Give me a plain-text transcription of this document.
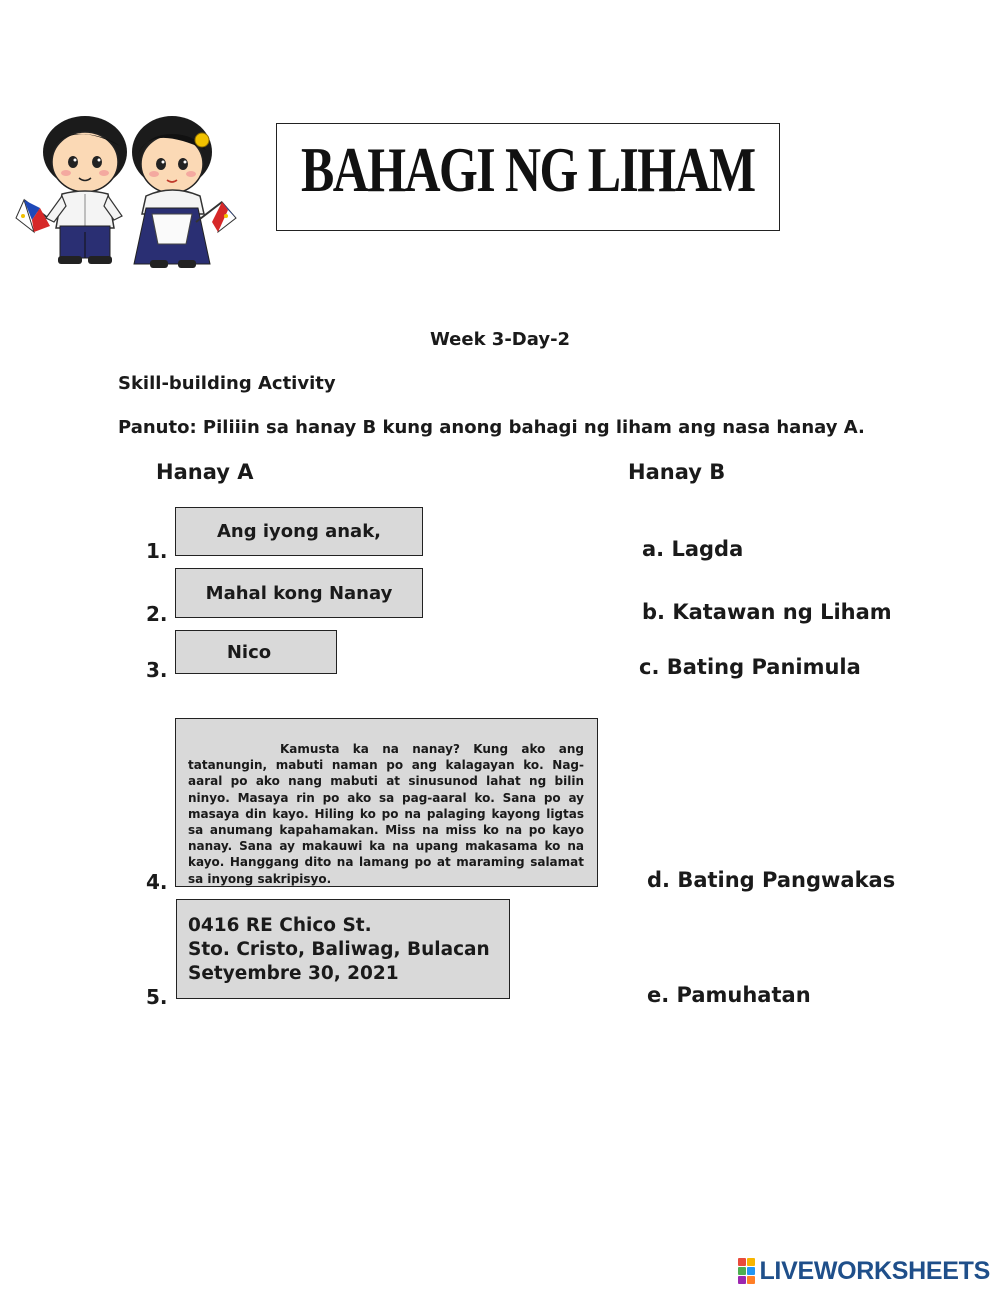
BAHAGI NG LIHAM
Week 3-Day-2
Skill-building Activity
Panuto: Piliiin sa hanay B kung anong bahagi ng liham ang nasa hanay A.
Hanay A	Hanay B
1.
Ang iyong anak,
2.
Mahal kong Nanay
3.
Nico
4.
Kamusta ka na nanay? Kung ako ang tatanungin, mabuti naman po ang kalagayan ko. Nag-aaral po ako nang mabuti at sinusunod lahat ng bilin ninyo. Masaya rin po ako sa pag-aaral ko. Sana po ay masaya din kayo. Hiling ko po na palaging kayong ligtas sa anumang kapahamakan. Miss na miss ko na po kayo nanay. Sana ay makauwi ka na upang makasama ko na kayo. Hanggang dito na lamang po at maraming salamat sa inyong sakripisyo.
5.
0416 RE Chico St.
Sto. Cristo, Baliwag, Bulacan
Setyembre 30, 2021
a. Lagda
b. Katawan ng Liham
c. Bating Panimula
d. Bating Pangwakas
e. Pamuhatan
LIVEWORKSHEETS
